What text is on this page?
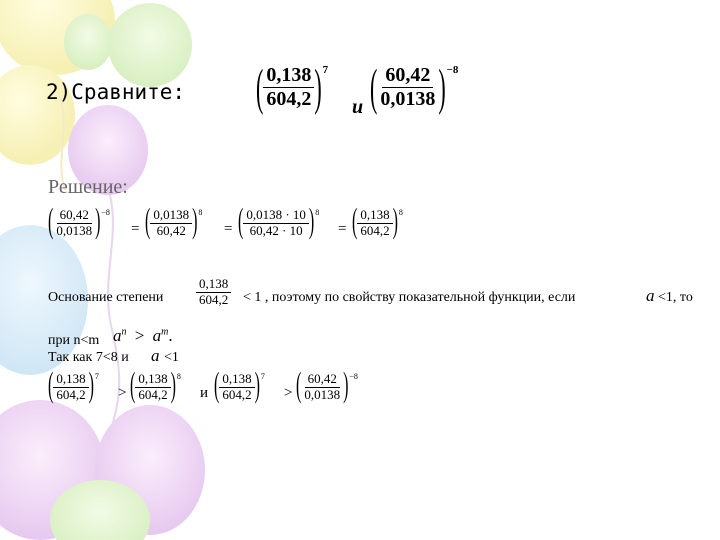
2)Сравните:	( $\frac{0,138}{604,2}$ ) 7
и ( $\frac{60,42}{0,0138}$ ) −8
Решение:
( $\frac{60,42}{0,0138}$ ) −8
= ( $\frac{0,0138}{60,42}$ ) 8
= ( $\frac{0,0138 \cdot 10}{60,42 \cdot 10}$ ) 8
= ( $\frac{0,138}{604,2}$ ) 8
Основание степени	$\frac{0,138}{604,2} < 1$ , поэтому по свойству показательной функции, если	a <1, то
при n<m $a^n > a^m$.
Так как 7<8 и a <1
( $\frac{0,138}{604,2}$ ) 7
> ( $\frac{0,138}{604,2}$ ) 8
и ( $\frac{0,138}{604,2}$ ) 7
> ( $\frac{60,42}{0,0138}$ ) −8
